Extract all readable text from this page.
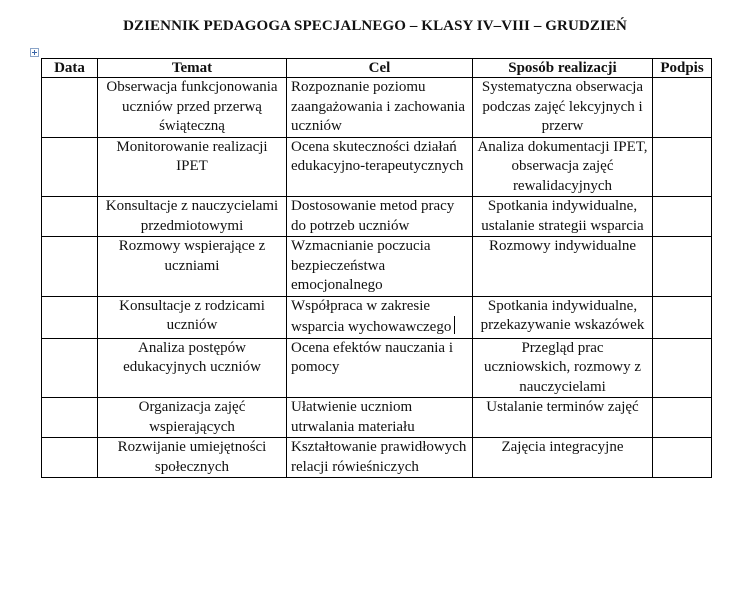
DZIENNIK PEDAGOGA SPECJALNEGO – KLASY IV–VIII – GRUDZIEŃ
Data	Temat	Cel	Sposób realizacji	Podpis
	Obserwacja funkcjonowania uczniów przed przerwą świąteczną	Rozpoznanie poziomu zaangażowania i zachowania uczniów	Systematyczna obserwacja podczas zajęć lekcyjnych i przerw	
	Monitorowanie realizacji IPET	Ocena skuteczności działań edukacyjno-terapeutycznych	Analiza dokumentacji IPET, obserwacja zajęć rewalidacyjnych	
	Konsultacje z nauczycielami przedmiotowymi	Dostosowanie metod pracy do potrzeb uczniów	Spotkania indywidualne, ustalanie strategii wsparcia	
	Rozmowy wspierające z uczniami	Wzmacnianie poczucia bezpieczeństwa emocjonalnego	Rozmowy indywidualne	
	Konsultacje z rodzicami uczniów	Współpraca w zakresie wsparcia wychowawczego	Spotkania indywidualne, przekazywanie wskazówek	
	Analiza postępów edukacyjnych uczniów	Ocena efektów nauczania i pomocy	Przegląd prac uczniowskich, rozmowy z nauczycielami	
	Organizacja zajęć wspierających	Ułatwienie uczniom utrwalania materiału	Ustalanie terminów zajęć	
	Rozwijanie umiejętności społecznych	Kształtowanie prawidłowych relacji rówieśniczych	Zajęcia integracyjne	
